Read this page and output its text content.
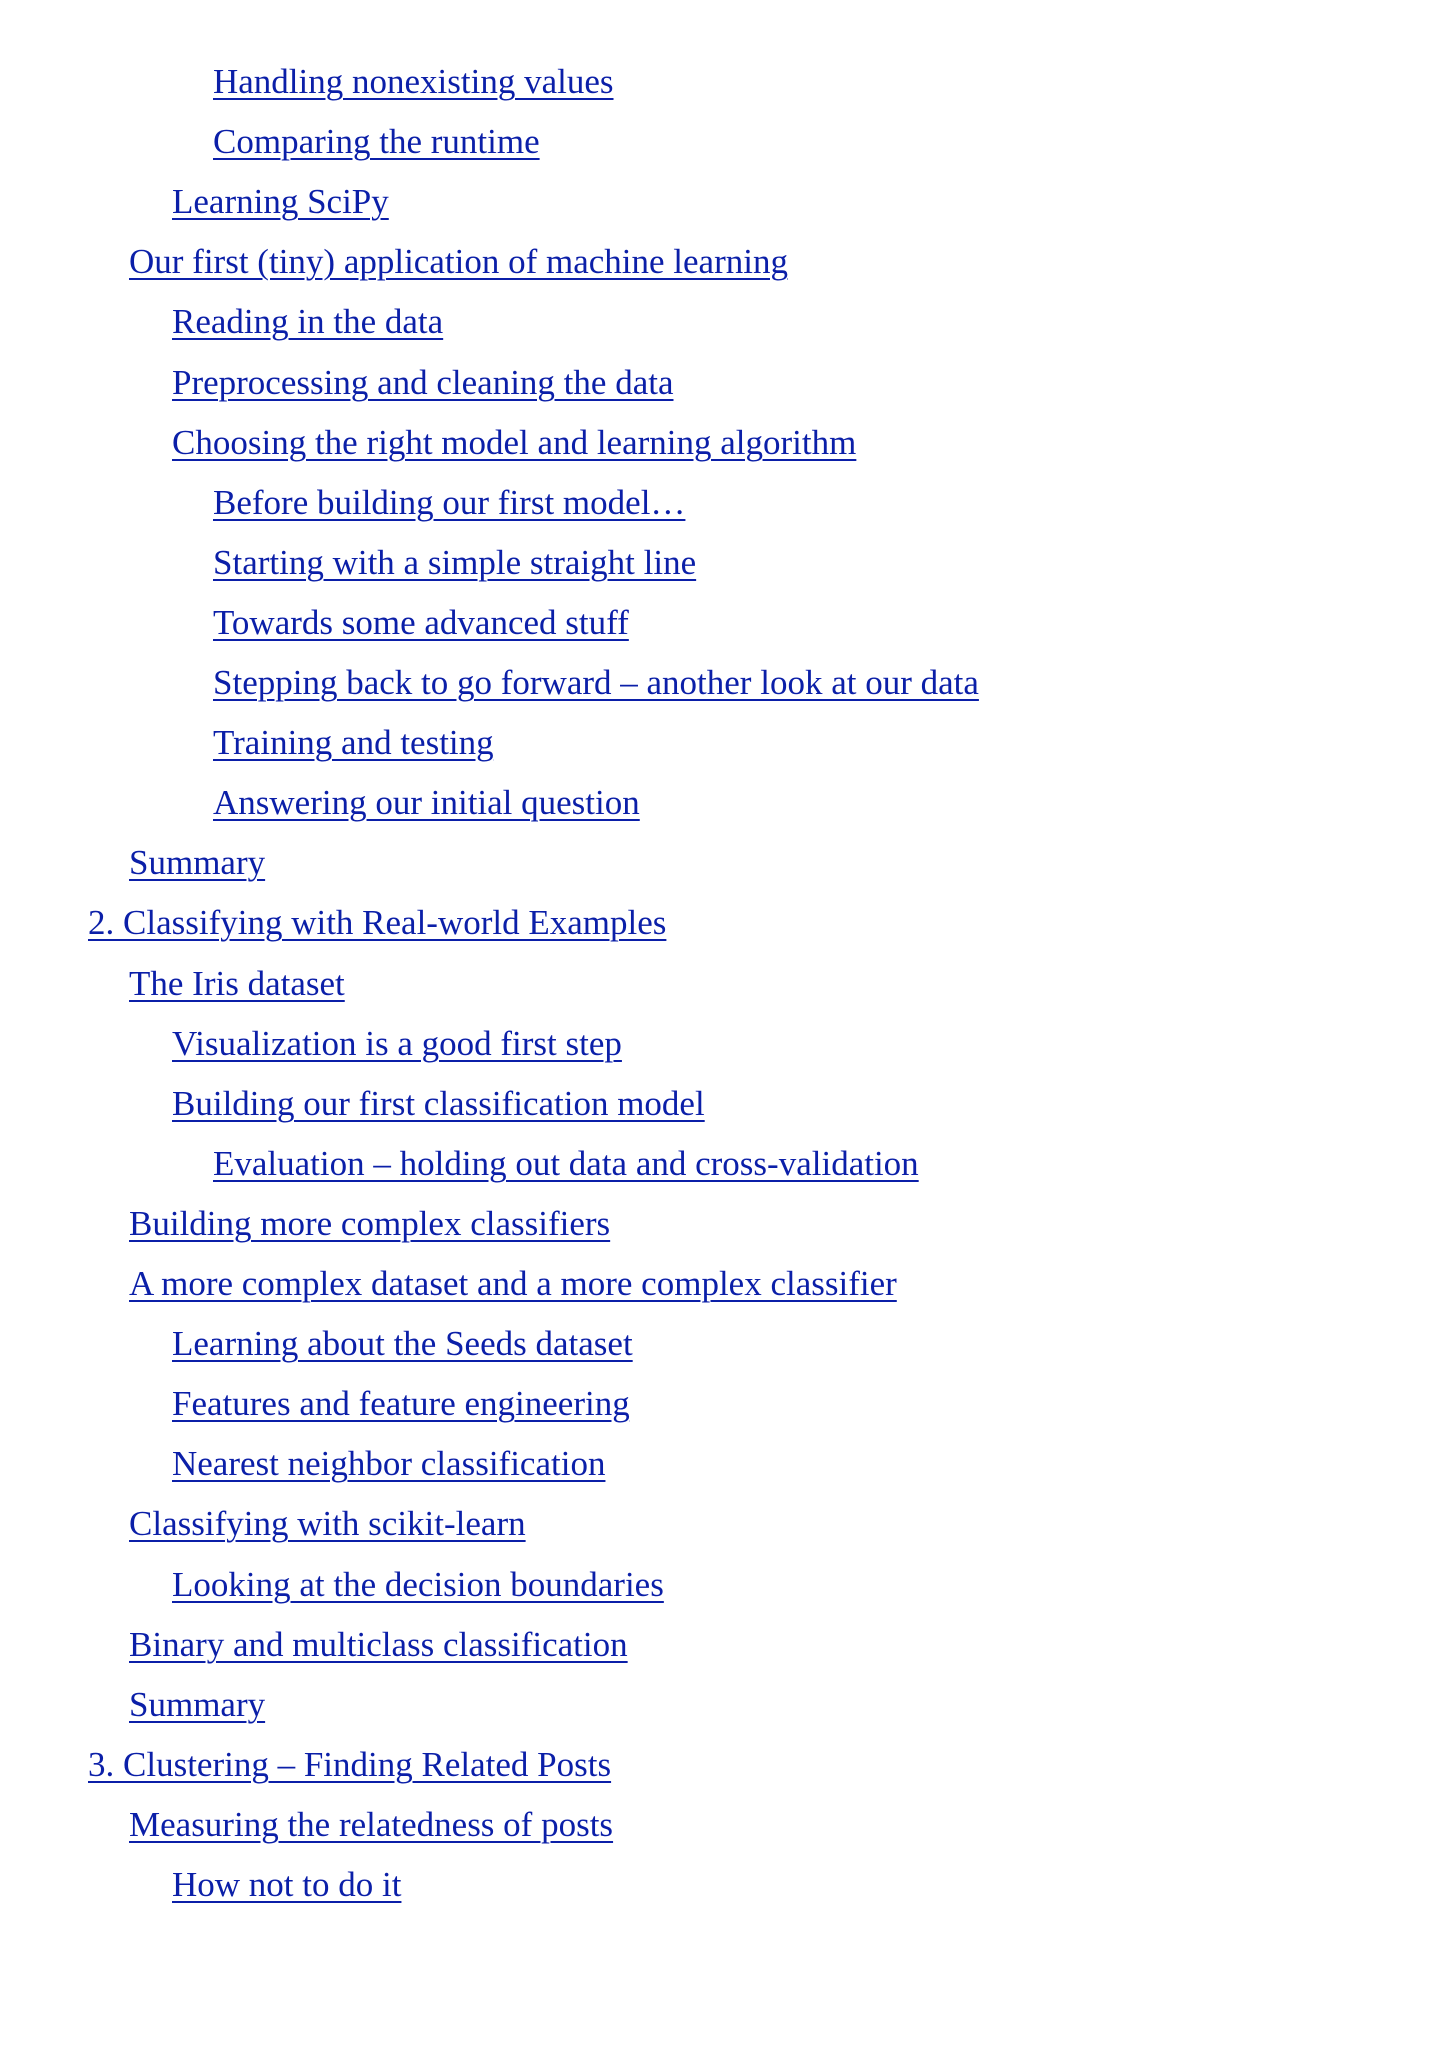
Handling nonexisting values
Comparing the runtime
Learning SciPy
Our first (tiny) application of machine learning
Reading in the data
Preprocessing and cleaning the data
Choosing the right model and learning algorithm
Before building our first model…
Starting with a simple straight line
Towards some advanced stuff
Stepping back to go forward – another look at our data
Training and testing
Answering our initial question
Summary
2. Classifying with Real-world Examples
The Iris dataset
Visualization is a good first step
Building our first classification model
Evaluation – holding out data and cross-validation
Building more complex classifiers
A more complex dataset and a more complex classifier
Learning about the Seeds dataset
Features and feature engineering
Nearest neighbor classification
Classifying with scikit-learn
Looking at the decision boundaries
Binary and multiclass classification
Summary
3. Clustering – Finding Related Posts
Measuring the relatedness of posts
How not to do it
